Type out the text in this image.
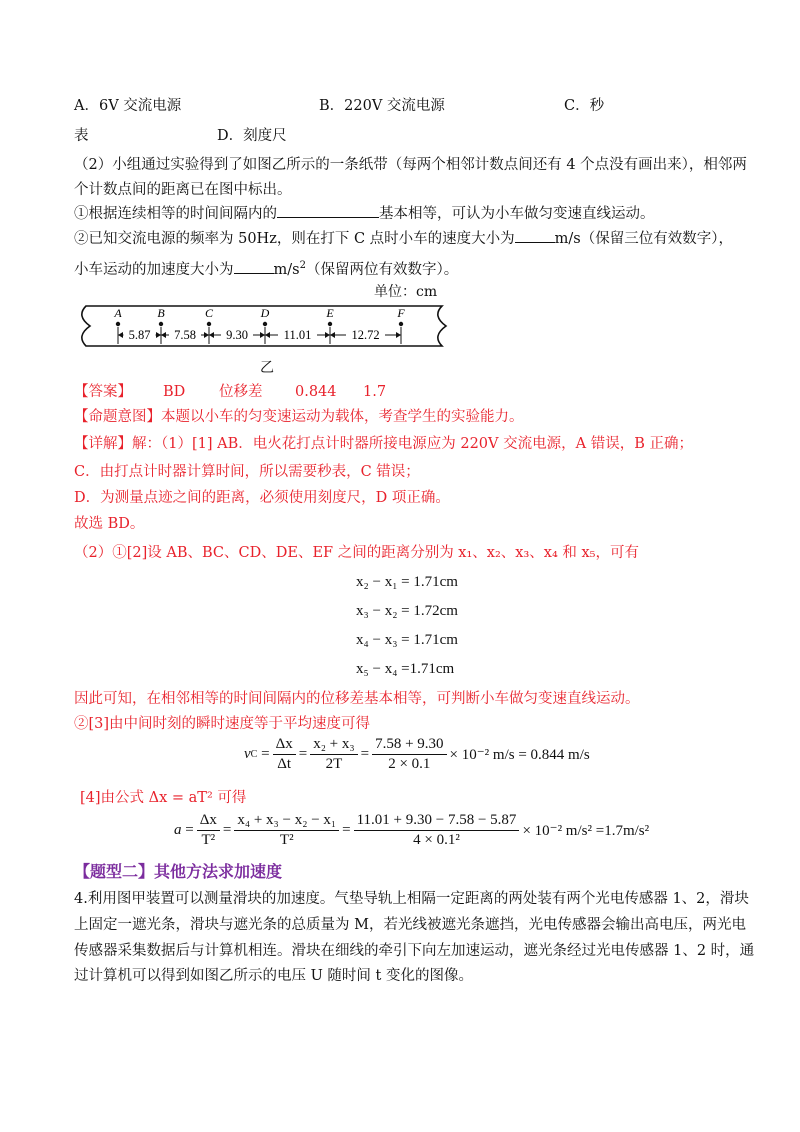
A．6V 交流电源	B．220V 交流电源	C．秒
表	D．刻度尺
（2）小组通过实验得到了如图乙所示的一条纸带（每两个相邻计数点间还有 4 个点没有画出来），相邻两
个计数点间的距离已在图中标出。
①根据连续相等的时间间隔内的	基本相等，可认为小车做匀变速直线运动。
②已知交流电源的频率为 50Hz，则在打下 C 点时小车的速度大小为	m/s（保留三位有效数字），
小车运动的加速度大小为	$m/s^2$（保留两位有效数字）。
单位：cm
A	B	C	D	E	F
5.87 7.58 9.30	11.01	12.72
乙
【答案】 BD 位移差 0.844 1.7
【命题意图】本题以小车的匀变速运动为载体，考查学生的实验能力。
【详解】解：（1）[1] AB．电火花打点计时器所接电源应为 220V 交流电源，A 错误，B 正确；
C．由打点计时器计算时间，所以需要秒表，C 错误；
D．为测量点迹之间的距离，必须使用刻度尺，D 项正确。
故选 BD。
（2）①[2]设 AB、BC、CD、DE、EF 之间的距离分别为 x₁、x₂、x₃、x₄ 和 x₅，可有
x₂ − x₁ = 1.71cm
x₃ − x₂ = 1.72cm
x₄ − x₃ = 1.71cm
x₅ − x₄ =1.71cm
因此可知，在相邻相等的时间间隔内的位移差基本相等，可判断小车做匀变速直线运动。
②[3]由中间时刻的瞬时速度等于平均速度可得
v $C = \frac{\Delta x}{\Delta t} = \frac{\text{x₂ + x₃}}{2T} = \frac{7.58 + 9.30}{2 \times 0.1} \times 10^{-2}$ m/s = 0.844 m/s
[4]由公式 Δx = aT² 可得
$a = \frac{\Delta x}{\text{T²}} = \frac{\text{x₄ + x₃ − x₂ − x₁}}{\text{T²}} = \frac{11.01 + 9.30 - 7.58 - 5.87}{\text{4 × 0.1²}} \times 10^{-2}$ m/s² =1.7m/s²
【题型二】其他方法求加速度
4.利用图甲装置可以测量滑块的加速度。气垫导轨上相隔一定距离的两处装有两个光电传感器 1、2，滑块
上固定一遮光条，滑块与遮光条的总质量为 M，若光线被遮光条遮挡，光电传感器会输出高电压，两光电
传感器采集数据后与计算机相连。滑块在细线的牵引下向左加速运动，遮光条经过光电传感器 1、2 时，通
过计算机可以得到如图乙所示的电压 U 随时间 t 变化的图像。
